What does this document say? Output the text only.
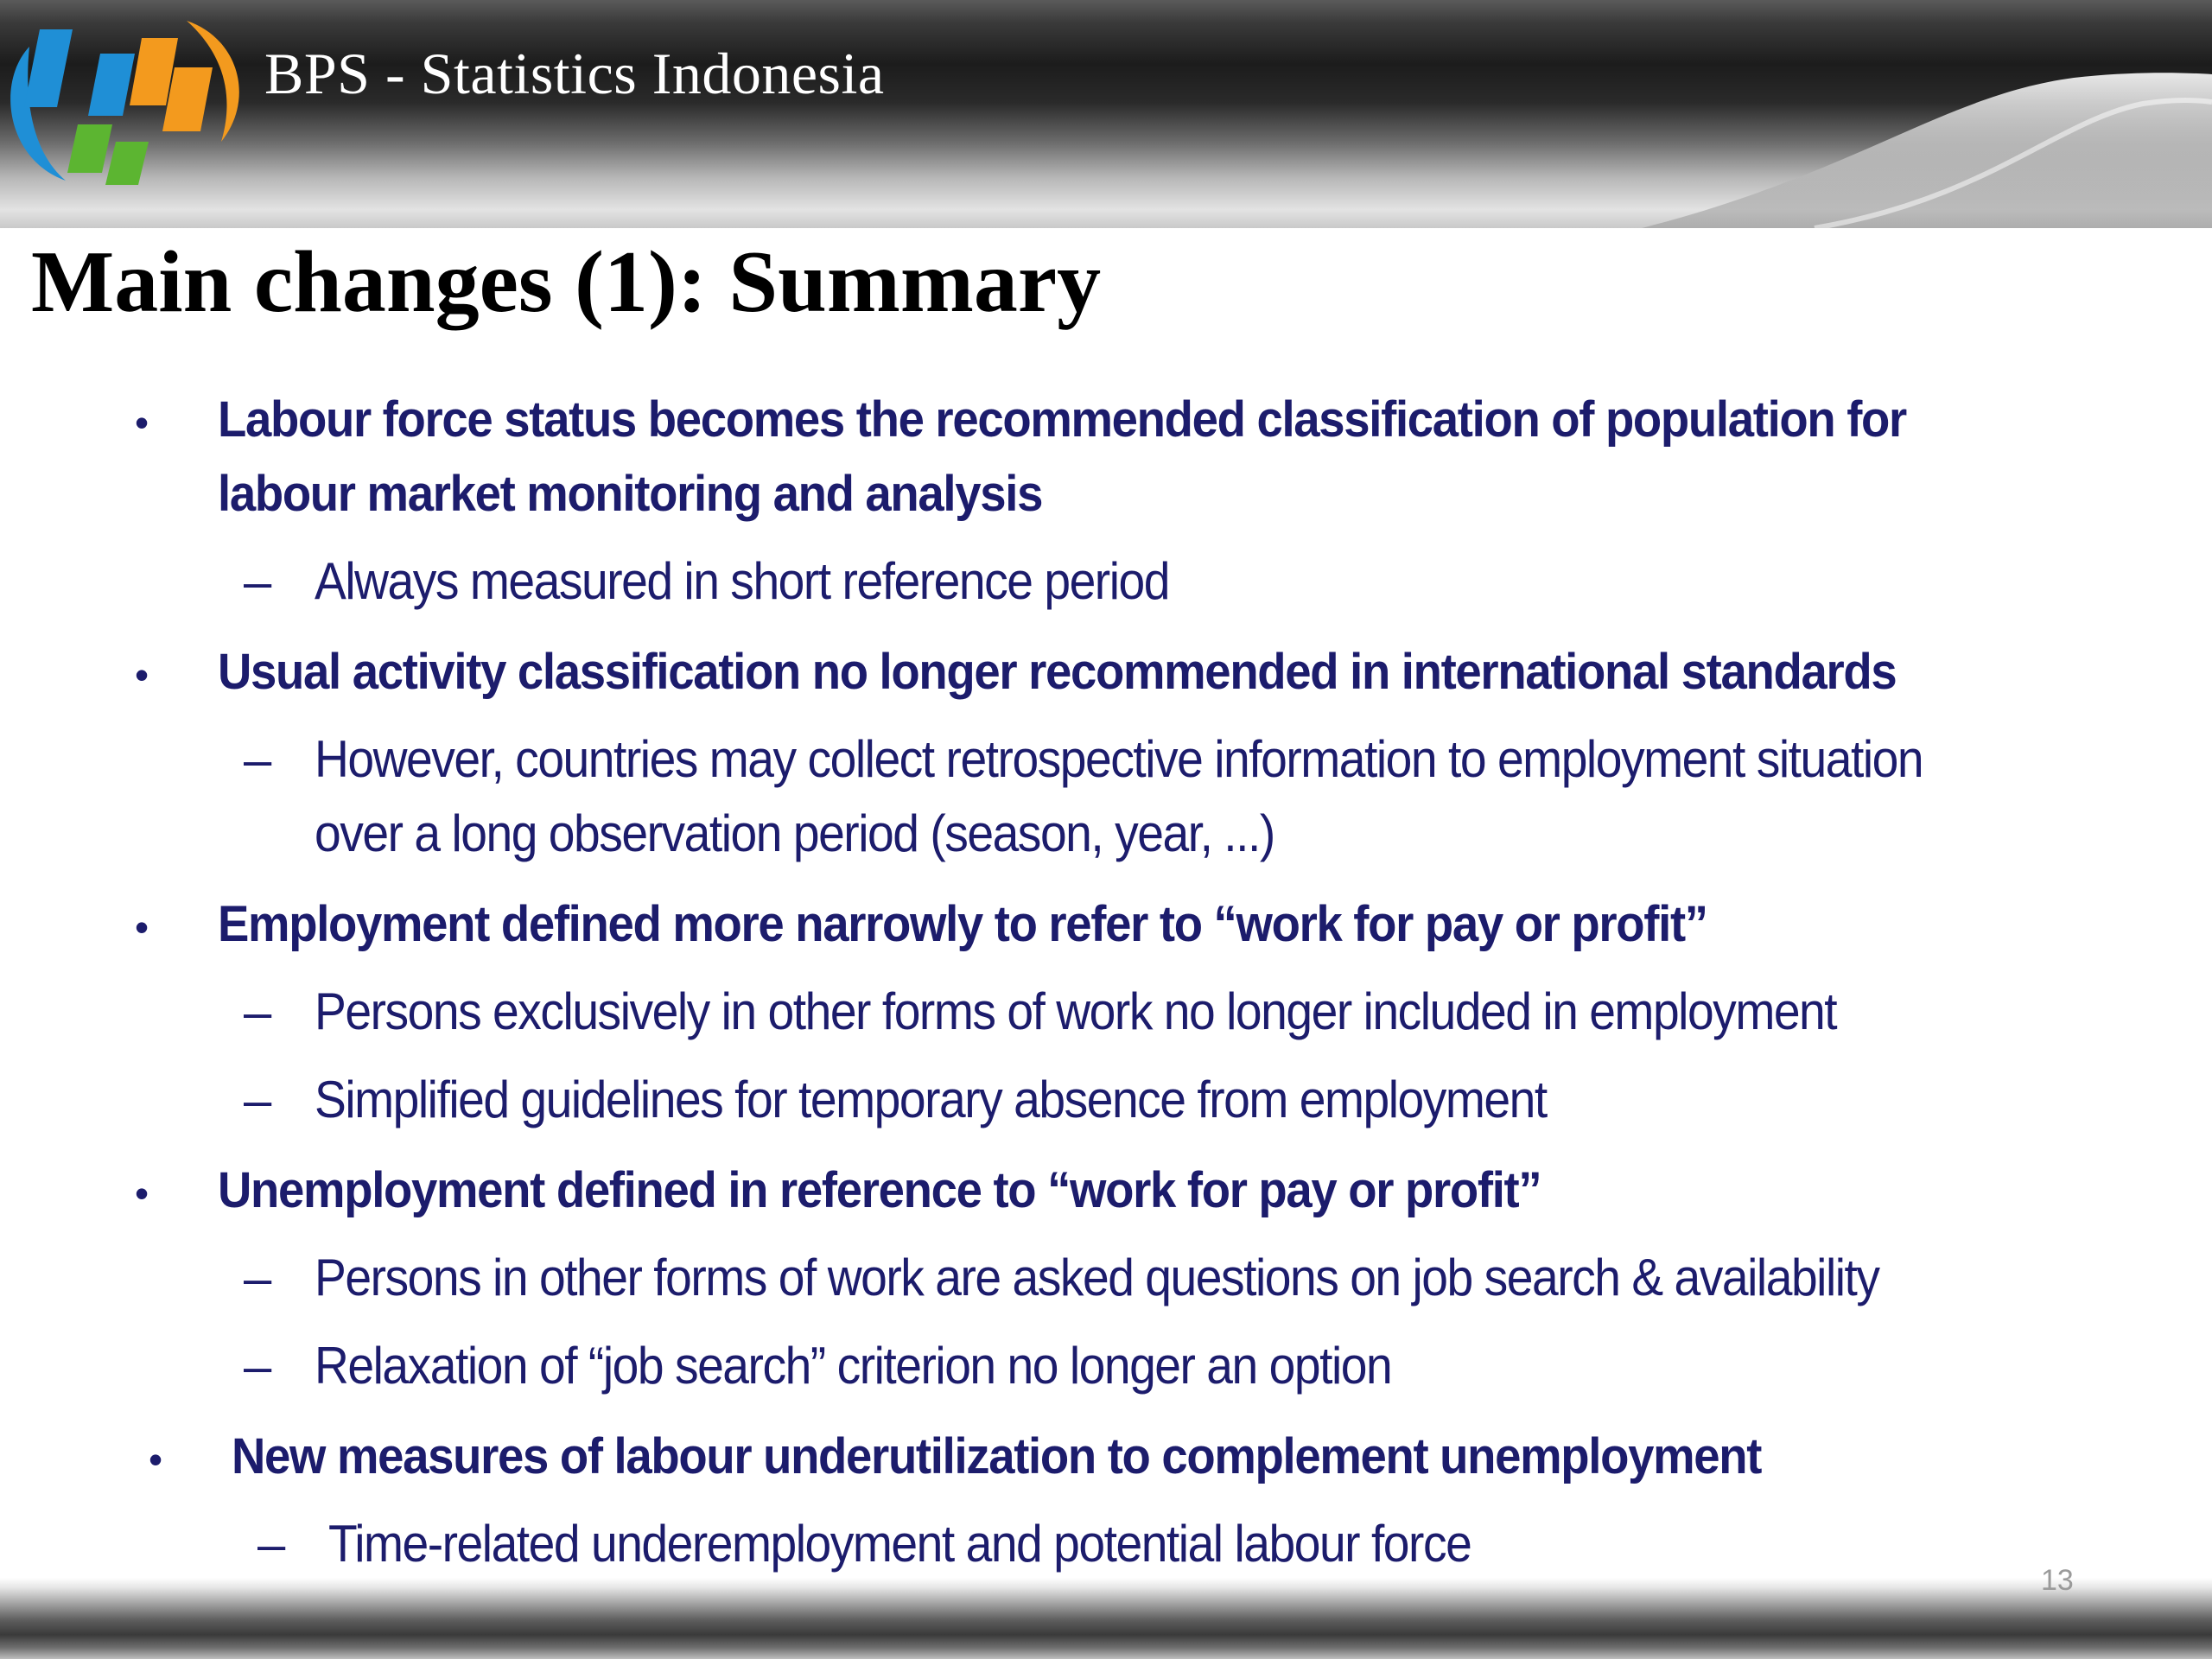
BPS - Statistics Indonesia
Main changes (1): Summary
• Labour force status becomes the recommended classification of population for
labour market monitoring and analysis
– Always measured in short reference period
• Usual activity classification no longer recommended in international standards
– However, countries may collect retrospective information to employment situation
over a long observation period (season, year, ...)
• Employment defined more narrowly to refer to “work for pay or profit”
– Persons exclusively in other forms of work no longer included in employment
– Simplified guidelines for temporary absence from employment
• Unemployment defined in reference to “work for pay or profit”
– Persons in other forms of work are asked questions on job search & availability
– Relaxation of “job search” criterion no longer an option
• New measures of labour underutilization to complement unemployment
– Time-related underemployment and potential labour force
13
